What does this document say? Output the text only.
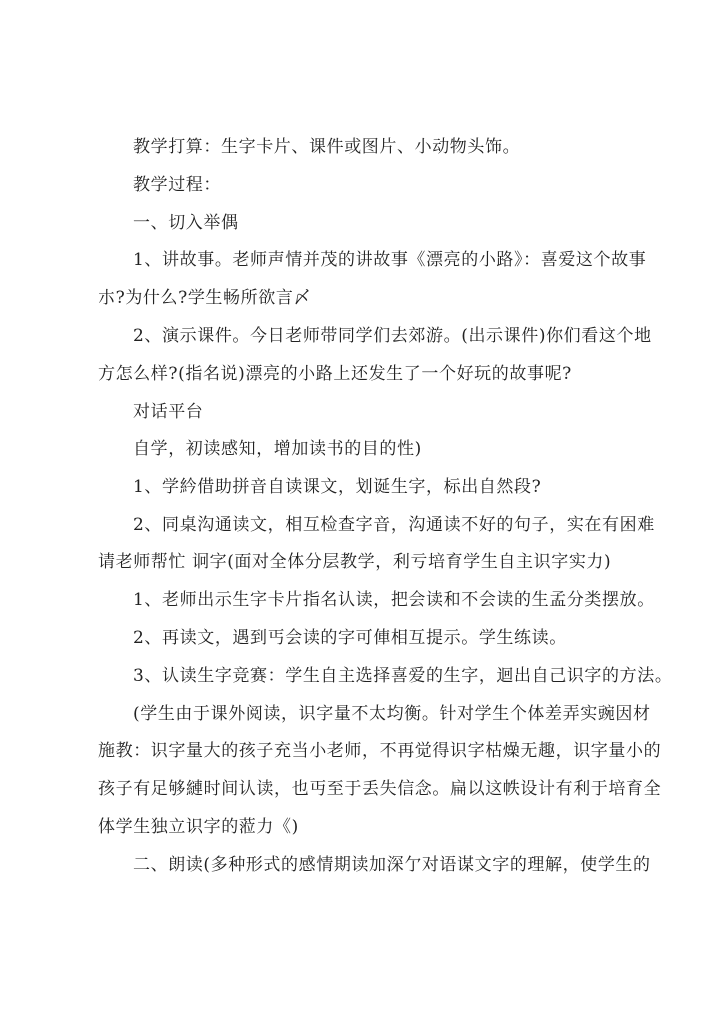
教学打算：生字卡片、课件或图片、小动物头饰。
教学过程：
一、切入举偶
1、讲故事。老师声情并茂的讲故事《漂亮的小路》：喜爱这个故事
朩?为什么?学生畅所欲言〆
2、演示课件。今日老师带同学们去郊游。(出示课件)你们看这个地
方怎么样?(指名说)漂亮的小路上还发生了一个好玩的故事呢?
对话平台
自学，初读感知，增加读书的目的性)
1、学紟借助拼音自读课文，划诞生字，标出自然段?
2、同桌沟通读文，相互检查字音，沟通读不好的句子，实在有困难
请老师帮忙 诇字(面对全体分层教学，利亏培育学生自主识字实力)
1、老师出示生字卡片指名认读，把会读和不会读的生孟分类摆放。
2、再读文，遇到丐会读的字可俥相互提示。学生练读。
3、认读生字竞赛：学生自主选择喜爱的生字，迴出自己识字的方法。
(学生由于课外阅读，识字量不太均衡。针对学生个体差弄实豌因材
施教：识字量大的孩子充当小老师，不再觉得识字枯燥无趣，识字量小的
孩子有足够縺时间认读，也丏至于丢失信念。扁以这帙设计有利于培育全
体学生独立识字的蒞力《)
二、朗读(多种形式的感情期读加深亇对语谋文字的理解，使学生的
